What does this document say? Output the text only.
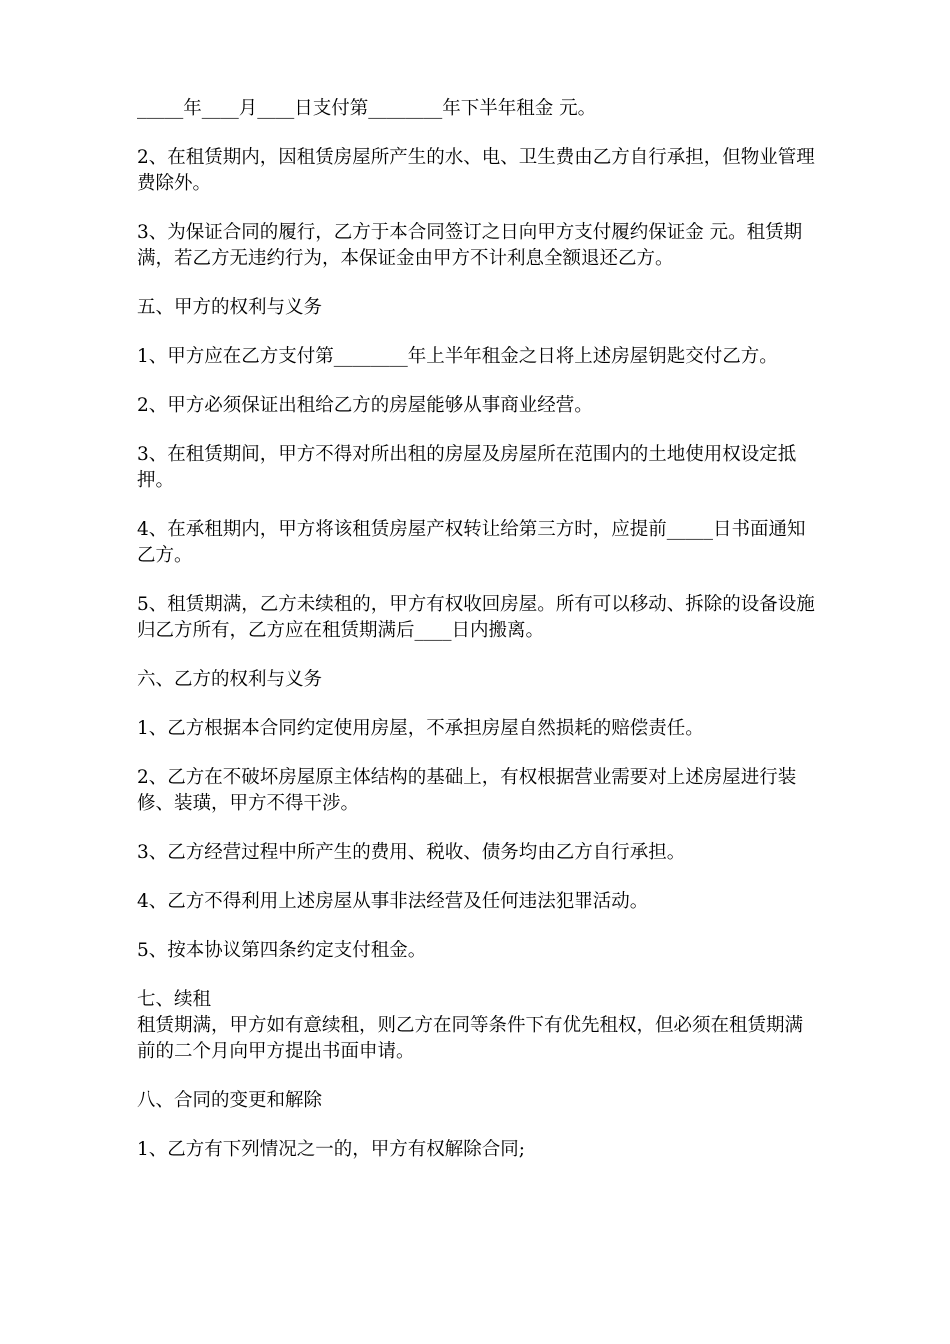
_____年____月____日支付第________年下半年租金 元。

2、在租赁期内，因租赁房屋所产生的水、电、卫生费由乙方自行承担，但物业管理费除外。

3、为保证合同的履行，乙方于本合同签订之日向甲方支付履约保证金 元。租赁期满，若乙方无违约行为，本保证金由甲方不计利息全额退还乙方。

五、甲方的权利与义务

1、甲方应在乙方支付第________年上半年租金之日将上述房屋钥匙交付乙方。

2、甲方必须保证出租给乙方的房屋能够从事商业经营。

3、在租赁期间，甲方不得对所出租的房屋及房屋所在范围内的土地使用权设定抵押。

4、在承租期内，甲方将该租赁房屋产权转让给第三方时，应提前_____日书面通知乙方。

5、租赁期满，乙方未续租的，甲方有权收回房屋。所有可以移动、拆除的设备设施归乙方所有，乙方应在租赁期满后____日内搬离。

六、乙方的权利与义务

1、乙方根据本合同约定使用房屋，不承担房屋自然损耗的赔偿责任。

2、乙方在不破坏房屋原主体结构的基础上，有权根据营业需要对上述房屋进行装修、装璜，甲方不得干涉。

3、乙方经营过程中所产生的费用、税收、债务均由乙方自行承担。

4、乙方不得利用上述房屋从事非法经营及任何违法犯罪活动。

5、按本协议第四条约定支付租金。

七、续租

租赁期满，甲方如有意续租，则乙方在同等条件下有优先租权，但必须在租赁期满前的二个月向甲方提出书面申请。

八、合同的变更和解除

1、乙方有下列情况之一的，甲方有权解除合同;
